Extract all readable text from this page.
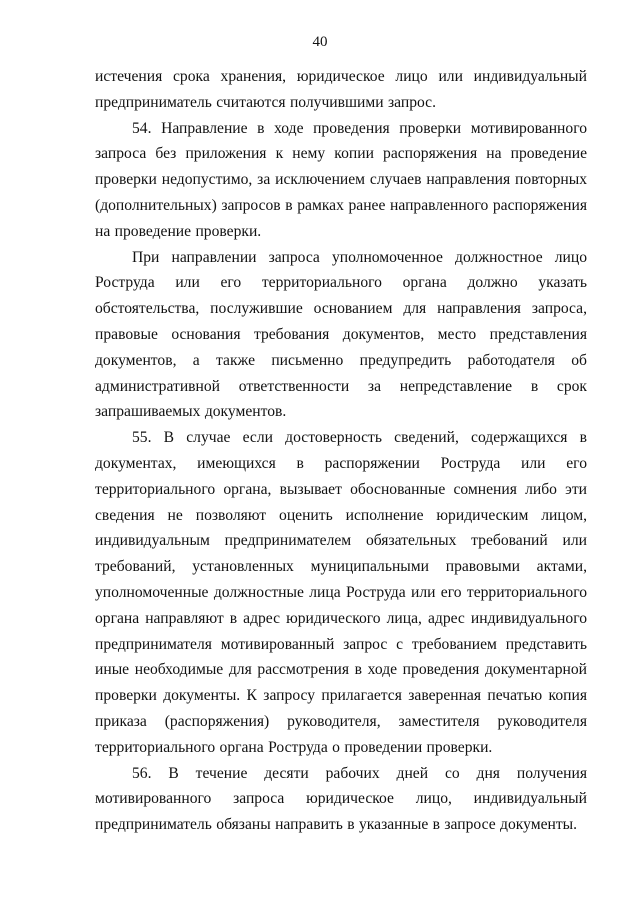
40

истечения срока хранения, юридическое лицо или индивидуальный предприниматель считаются получившими запрос.

54. Направление в ходе проведения проверки мотивированного запроса без приложения к нему копии распоряжения на проведение проверки недопустимо, за исключением случаев направления повторных (дополнительных) запросов в рамках ранее направленного распоряжения на проведение проверки.

При направлении запроса уполномоченное должностное лицо Роструда или его территориального органа должно указать обстоятельства, послужившие основанием для направления запроса, правовые основания требования документов, место представления документов, а также письменно предупредить работодателя об административной ответственности за непредставление в срок запрашиваемых документов.

55. В случае если достоверность сведений, содержащихся в документах, имеющихся в распоряжении Роструда или его территориального органа, вызывает обоснованные сомнения либо эти сведения не позволяют оценить исполнение юридическим лицом, индивидуальным предпринимателем обязательных требований или требований, установленных муниципальными правовыми актами, уполномоченные должностные лица Роструда или его территориального органа направляют в адрес юридического лица, адрес индивидуального предпринимателя мотивированный запрос с требованием представить иные необходимые для рассмотрения в ходе проведения документарной проверки документы. К запросу прилагается заверенная печатью копия приказа (распоряжения) руководителя, заместителя руководителя территориального органа Роструда о проведении проверки.

56. В течение десяти рабочих дней со дня получения мотивированного запроса юридическое лицо, индивидуальный предприниматель обязаны направить в указанные в запросе документы.
